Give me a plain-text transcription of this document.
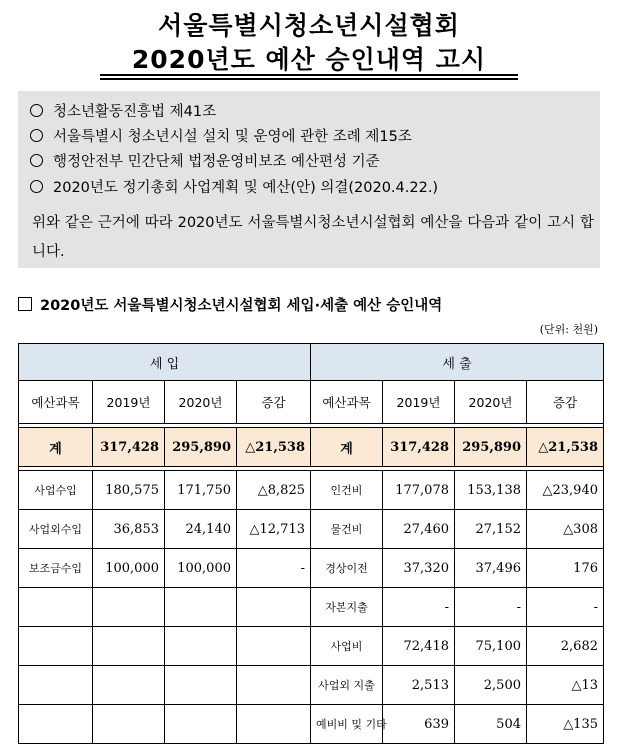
서울특별시청소년시설협회
2020년도 예산 승인내역 고시
청소년활동진흥법 제41조
서울특별시 청소년시설 설치 및 운영에 관한 조례 제15조
행정안전부 민간단체 법정운영비보조 예산편성 기준
2020년도 정기총회 사업계획 및 예산(안) 의결(2020.4.22.)
위와 같은 근거에 따라 2020년도 서울특별시청소년시설협회 예산을 다음과 같이 고시 합니다.
2020년도 서울특별시청소년시설협회 세입·세출 예산 승인내역
(단위: 천원)
세 입				세 출			
예산과목	2019년	2020년	증감	예산과목	2019년	2020년	증감

계	317,428	295,890	△21,538	계	317,428	295,890	△21,538

사업수입	180,575	171,750	△8,825	인건비	177,078	153,138	△23,940
사업외수입	36,853	24,140	△12,713	물건비	27,460	27,152	△308
보조금수입	100,000	100,000	-	경상이전	37,320	37,496	176
				자본지출	-	-	-
				사업비	72,418	75,100	2,682
				사업외 지출	2,513	2,500	△13
				예비비 및 기타	639	504	△135
